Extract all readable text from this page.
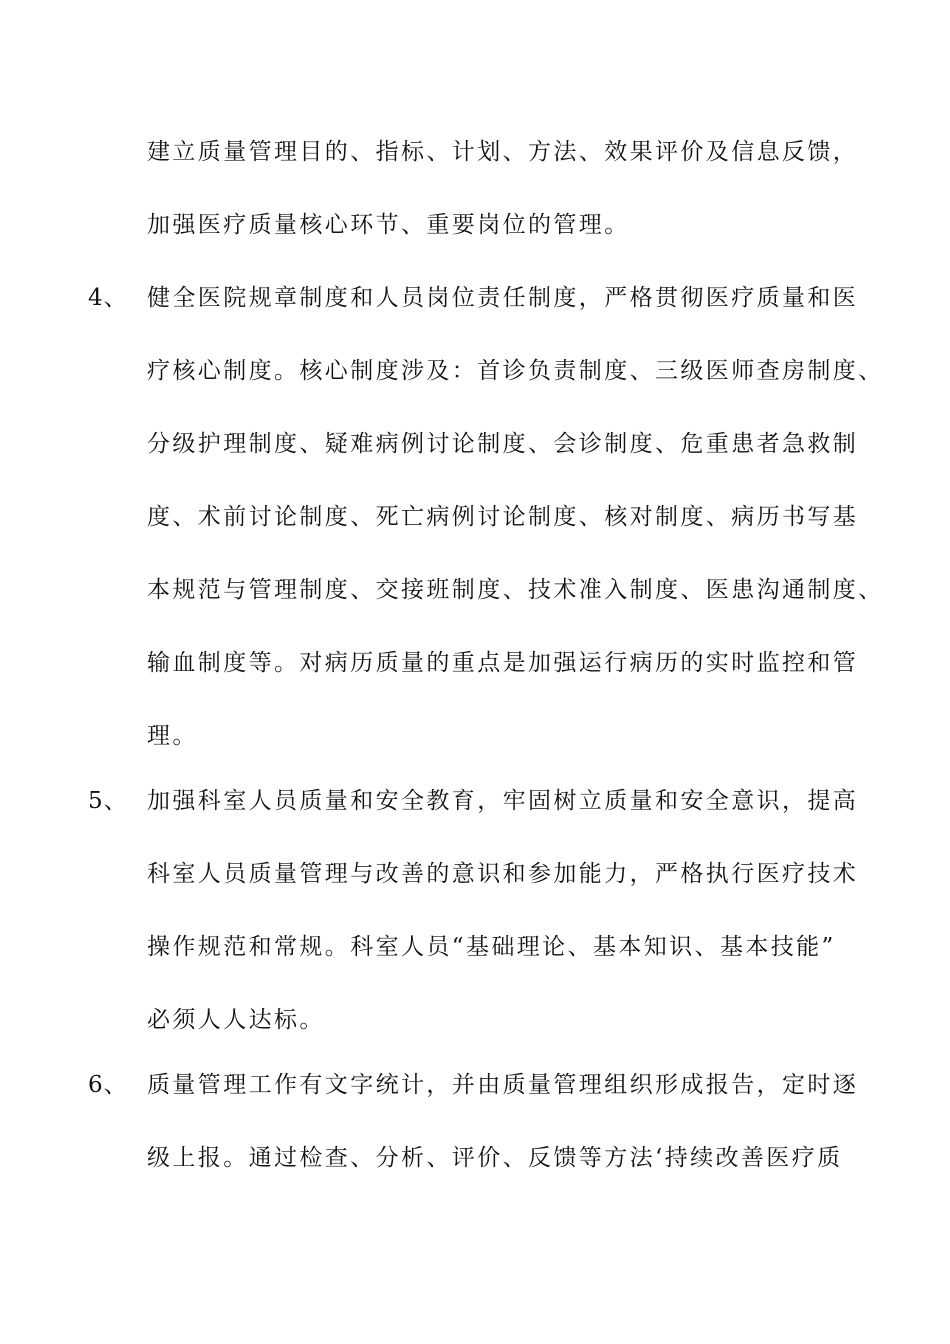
建立质量管理目的、指标、计划、方法、效果评价及信息反馈，
加强医疗质量核心环节、重要岗位的管理。
4、 健全医院规章制度和人员岗位责任制度，严格贯彻医疗质量和医
疗核心制度。核心制度涉及：首诊负责制度、三级医师查房制度、
分级护理制度、疑难病例讨论制度、会诊制度、危重患者急救制
度、术前讨论制度、死亡病例讨论制度、核对制度、病历书写基
本规范与管理制度、交接班制度、技术准入制度、医患沟通制度、
输血制度等。对病历质量的重点是加强运行病历的实时监控和管
理。
5、 加强科室人员质量和安全教育，牢固树立质量和安全意识，提高
科室人员质量管理与改善的意识和参加能力，严格执行医疗技术
操作规范和常规。科室人员“基础理论、基本知识、基本技能”
必须人人达标。
6、 质量管理工作有文字统计，并由质量管理组织形成报告，定时逐
级上报。通过检查、分析、评价、反馈等方法‘持续改善医疗质
